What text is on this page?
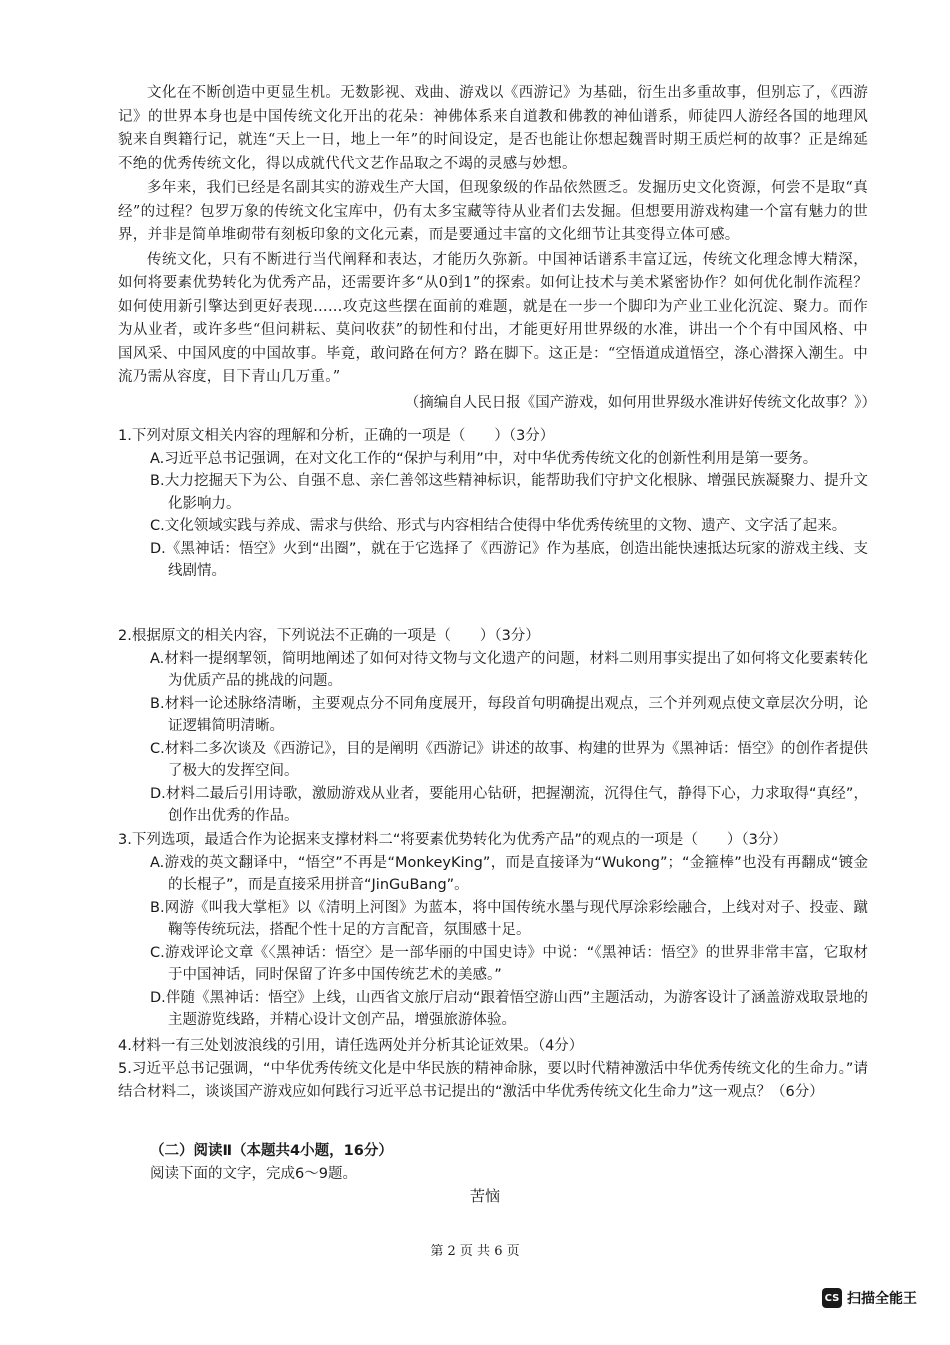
文化在不断创造中更显生机。无数影视、戏曲、游戏以《西游记》为基础，衍生出多重故事，但别忘了，《西游记》的世界本身也是中国传统文化开出的花朵：神佛体系来自道教和佛教的神仙谱系，师徒四人游经各国的地理风貌来自舆籍行记，就连“天上一日，地上一年”的时间设定，是否也能让你想起魏晋时期王质烂柯的故事？正是绵延不绝的优秀传统文化，得以成就代代文艺作品取之不竭的灵感与妙想。

多年来，我们已经是名副其实的游戏生产大国，但现象级的作品依然匮乏。发掘历史文化资源，何尝不是取“真经”的过程？包罗万象的传统文化宝库中，仍有太多宝藏等待从业者们去发掘。但想要用游戏构建一个富有魅力的世界，并非是简单堆砌带有刻板印象的文化元素，而是要通过丰富的文化细节让其变得立体可感。

传统文化，只有不断进行当代阐释和表达，才能历久弥新。中国神话谱系丰富辽远，传统文化理念博大精深，如何将要素优势转化为优秀产品，还需要许多“从0到1”的探索。如何让技术与美术紧密协作？如何优化制作流程？如何使用新引擎达到更好表现……攻克这些摆在面前的难题，就是在一步一个脚印为产业工业化沉淀、聚力。而作为从业者，或许多些“但问耕耘、莫问收获”的韧性和付出，才能更好用世界级的水准，讲出一个个有中国风格、中国风采、中国风度的中国故事。毕竟，敢问路在何方？路在脚下。这正是：“空悟道成道悟空，涤心潜探入潮生。中流乃需从容度，目下青山几万重。”

（摘编自人民日报《国产游戏，如何用世界级水准讲好传统文化故事？》）

1.下列对原文相关内容的理解和分析，正确的一项是（　　）（3分）

A.习近平总书记强调，在对文化工作的“保护与利用”中，对中华优秀传统文化的创新性利用是第一要务。

B.大力挖掘天下为公、自强不息、亲仁善邻这些精神标识，能帮助我们守护文化根脉、增强民族凝聚力、提升文化影响力。

C.文化领域实践与养成、需求与供给、形式与内容相结合使得中华优秀传统里的文物、遗产、文字活了起来。

D.《黑神话：悟空》火到“出圈”，就在于它选择了《西游记》作为基底，创造出能快速抵达玩家的游戏主线、支线剧情。

2.根据原文的相关内容，下列说法不正确的一项是（　　）（3分）

A.材料一提纲挈领，简明地阐述了如何对待文物与文化遗产的问题，材料二则用事实提出了如何将文化要素转化为优质产品的挑战的问题。

B.材料一论述脉络清晰，主要观点分不同角度展开，每段首句明确提出观点，三个并列观点使文章层次分明，论证逻辑简明清晰。

C.材料二多次谈及《西游记》，目的是阐明《西游记》讲述的故事、构建的世界为《黑神话：悟空》的创作者提供了极大的发挥空间。

D.材料二最后引用诗歌，激励游戏从业者，要能用心钻研，把握潮流，沉得住气，静得下心，力求取得“真经”，创作出优秀的作品。

3.下列选项，最适合作为论据来支撑材料二“将要素优势转化为优秀产品”的观点的一项是（　　）（3分）

A.游戏的英文翻译中，“悟空”不再是“MonkeyKing”，而是直接译为“Wukong”；“金箍棒”也没有再翻成“镀金的长棍子”，而是直接采用拼音“JinGuBang”。

B.网游《叫我大掌柜》以《清明上河图》为蓝本，将中国传统水墨与现代厚涂彩绘融合，上线对对子、投壶、蹴鞠等传统玩法，搭配个性十足的方言配音，氛围感十足。

C.游戏评论文章《〈黑神话：悟空〉是一部华丽的中国史诗》中说：“《黑神话：悟空》的世界非常丰富，它取材于中国神话，同时保留了许多中国传统艺术的美感。”

D.伴随《黑神话：悟空》上线，山西省文旅厅启动“跟着悟空游山西”主题活动，为游客设计了涵盖游戏取景地的主题游览线路，并精心设计文创产品，增强旅游体验。

4.材料一有三处划波浪线的引用，请任选两处并分析其论证效果。（4分）

5.习近平总书记强调，“中华优秀传统文化是中华民族的精神命脉，要以时代精神激活中华优秀传统文化的生命力。”请结合材料二，谈谈国产游戏应如何践行习近平总书记提出的“激活中华优秀传统文化生命力”这一观点？（6分）

（二）阅读Ⅱ（本题共4小题，16分）
阅读下面的文字，完成6～9题。
苦恼
第 2 页 共 6 页
CS 扫描全能王
